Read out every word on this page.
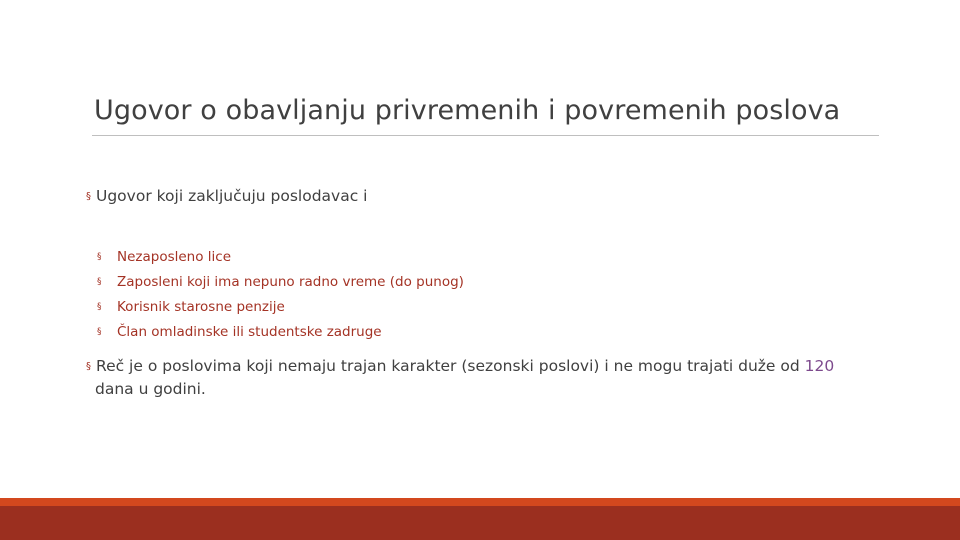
Ugovor o obavljanju privremenih i povremenih poslova
§ Ugovor koji zaključuju poslodavac i
§ Nezaposleno lice
§ Zaposleni koji ima nepuno radno vreme (do punog)
§ Korisnik starosne penzije
§ Član omladinske ili studentske zadruge
§ Reč je o poslovima koji nemaju trajan karakter (sezonski poslovi) i ne mogu trajati duže od 120
dana u godini.
